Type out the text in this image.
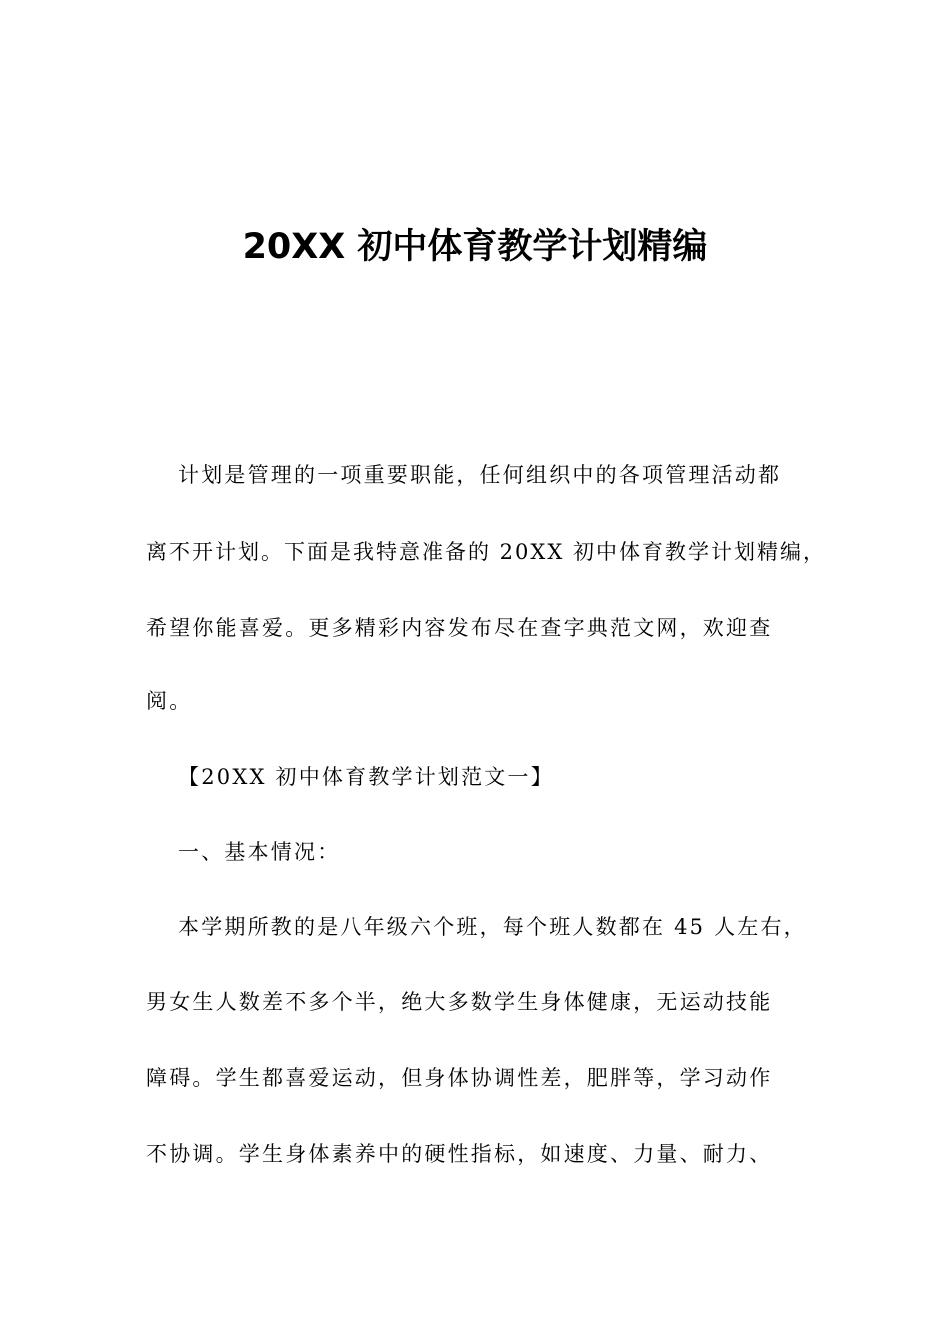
20XX 初中体育教学计划精编
计划是管理的一项重要职能，任何组织中的各项管理活动都
离不开计划。下面是我特意准备的 20XX 初中体育教学计划精编，
希望你能喜爱。更多精彩内容发布尽在查字典范文网，欢迎查
阅。
【20XX 初中体育教学计划范文一】
一、基本情况：
本学期所教的是八年级六个班，每个班人数都在 45 人左右，
男女生人数差不多个半，绝大多数学生身体健康，无运动技能
障碍。学生都喜爱运动，但身体协调性差，肥胖等，学习动作
不协调。学生身体素养中的硬性指标，如速度、力量、耐力、
